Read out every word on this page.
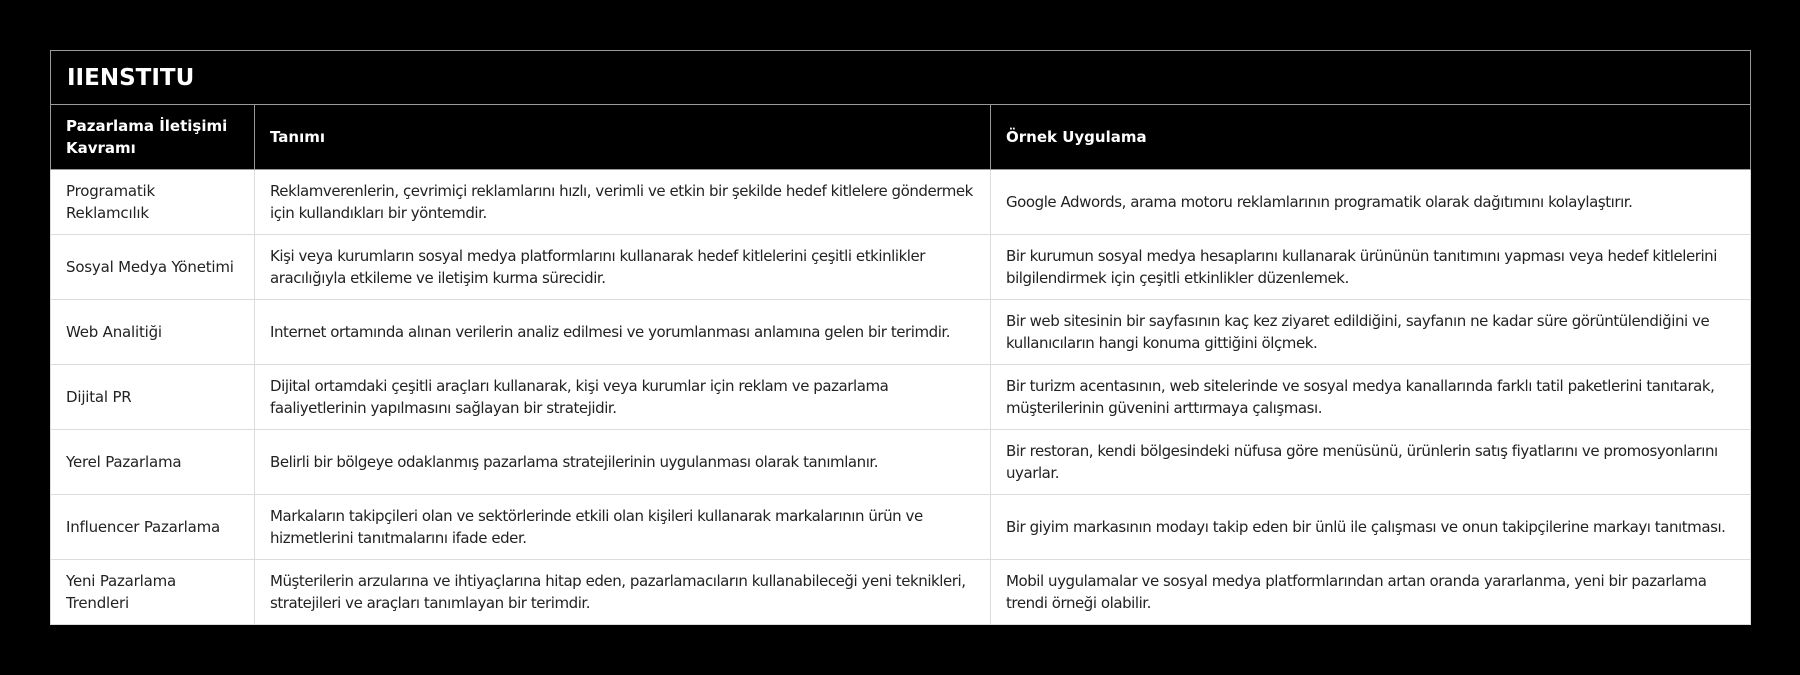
IIENSTITU		
Pazarlama İletişimi Kavramı	Tanımı	Örnek Uygulama
Programatik Reklamcılık	Reklamverenlerin, çevrimiçi reklamlarını hızlı, verimli ve etkin bir şekilde hedef kitlelere göndermek için kullandıkları bir yöntemdir.	Google Adwords, arama motoru reklamlarının programatik olarak dağıtımını kolaylaştırır.
Sosyal Medya Yönetimi	Kişi veya kurumların sosyal medya platformlarını kullanarak hedef kitlelerini çeşitli etkinlikler aracılığıyla etkileme ve iletişim kurma sürecidir.	Bir kurumun sosyal medya hesaplarını kullanarak ürününün tanıtımını yapması veya hedef kitlelerini bilgilendirmek için çeşitli etkinlikler düzenlemek.
Web Analitiği	Internet ortamında alınan verilerin analiz edilmesi ve yorumlanması anlamına gelen bir terimdir.	Bir web sitesinin bir sayfasının kaç kez ziyaret edildiğini, sayfanın ne kadar süre görüntülendiğini ve kullanıcıların hangi konuma gittiğini ölçmek.
Dijital PR	Dijital ortamdaki çeşitli araçları kullanarak, kişi veya kurumlar için reklam ve pazarlama faaliyetlerinin yapılmasını sağlayan bir stratejidir.	Bir turizm acentasının, web sitelerinde ve sosyal medya kanallarında farklı tatil paketlerini tanıtarak, müşterilerinin güvenini arttırmaya çalışması.
Yerel Pazarlama	Belirli bir bölgeye odaklanmış pazarlama stratejilerinin uygulanması olarak tanımlanır.	Bir restoran, kendi bölgesindeki nüfusa göre menüsünü, ürünlerin satış fiyatlarını ve promosyonlarını uyarlar.
Influencer Pazarlama	Markaların takipçileri olan ve sektörlerinde etkili olan kişileri kullanarak markalarının ürün ve hizmetlerini tanıtmalarını ifade eder.	Bir giyim markasının modayı takip eden bir ünlü ile çalışması ve onun takipçilerine markayı tanıtması.
Yeni Pazarlama Trendleri	Müşterilerin arzularına ve ihtiyaçlarına hitap eden, pazarlamacıların kullanabileceği yeni teknikleri, stratejileri ve araçları tanımlayan bir terimdir.	Mobil uygulamalar ve sosyal medya platformlarından artan oranda yararlanma, yeni bir pazarlama trendi örneği olabilir.
